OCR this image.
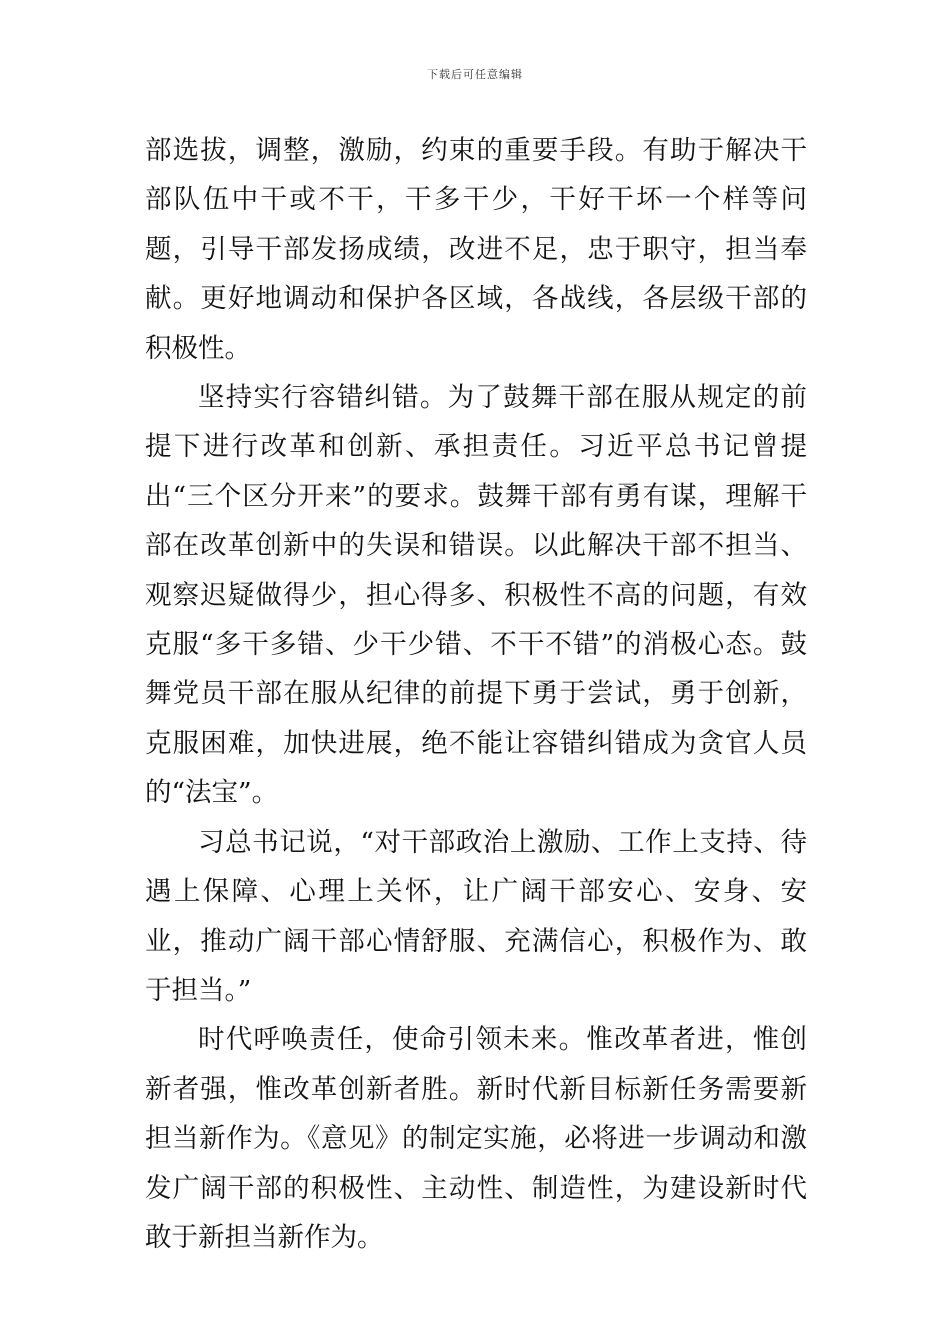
下载后可任意编辑

部选拔，调整，激励，约束的重要手段。有助于解决干部队伍中干或不干，干多干少，干好干坏一个样等问题，引导干部发扬成绩，改进不足，忠于职守，担当奉献。更好地调动和保护各区域，各战线，各层级干部的积极性。

坚持实行容错纠错。为了鼓舞干部在服从规定的前提下进行改革和创新、承担责任。习近平总书记曾提出“三个区分开来”的要求。鼓舞干部有勇有谋，理解干部在改革创新中的失误和错误。以此解决干部不担当、观察迟疑做得少，担心得多、积极性不高的问题，有效克服“多干多错、少干少错、不干不错”的消极心态。鼓舞党员干部在服从纪律的前提下勇于尝试，勇于创新，克服困难，加快进展，绝不能让容错纠错成为贪官人员的“法宝”。

习总书记说，“对干部政治上激励、工作上支持、待遇上保障、心理上关怀，让广阔干部安心、安身、安业，推动广阔干部心情舒服、充满信心，积极作为、敢于担当。”

时代呼唤责任，使命引领未来。惟改革者进，惟创新者强，惟改革创新者胜。新时代新目标新任务需要新担当新作为。《意见》的制定实施，必将进一步调动和激发广阔干部的积极性、主动性、制造性，为建设新时代敢于新担当新作为。
